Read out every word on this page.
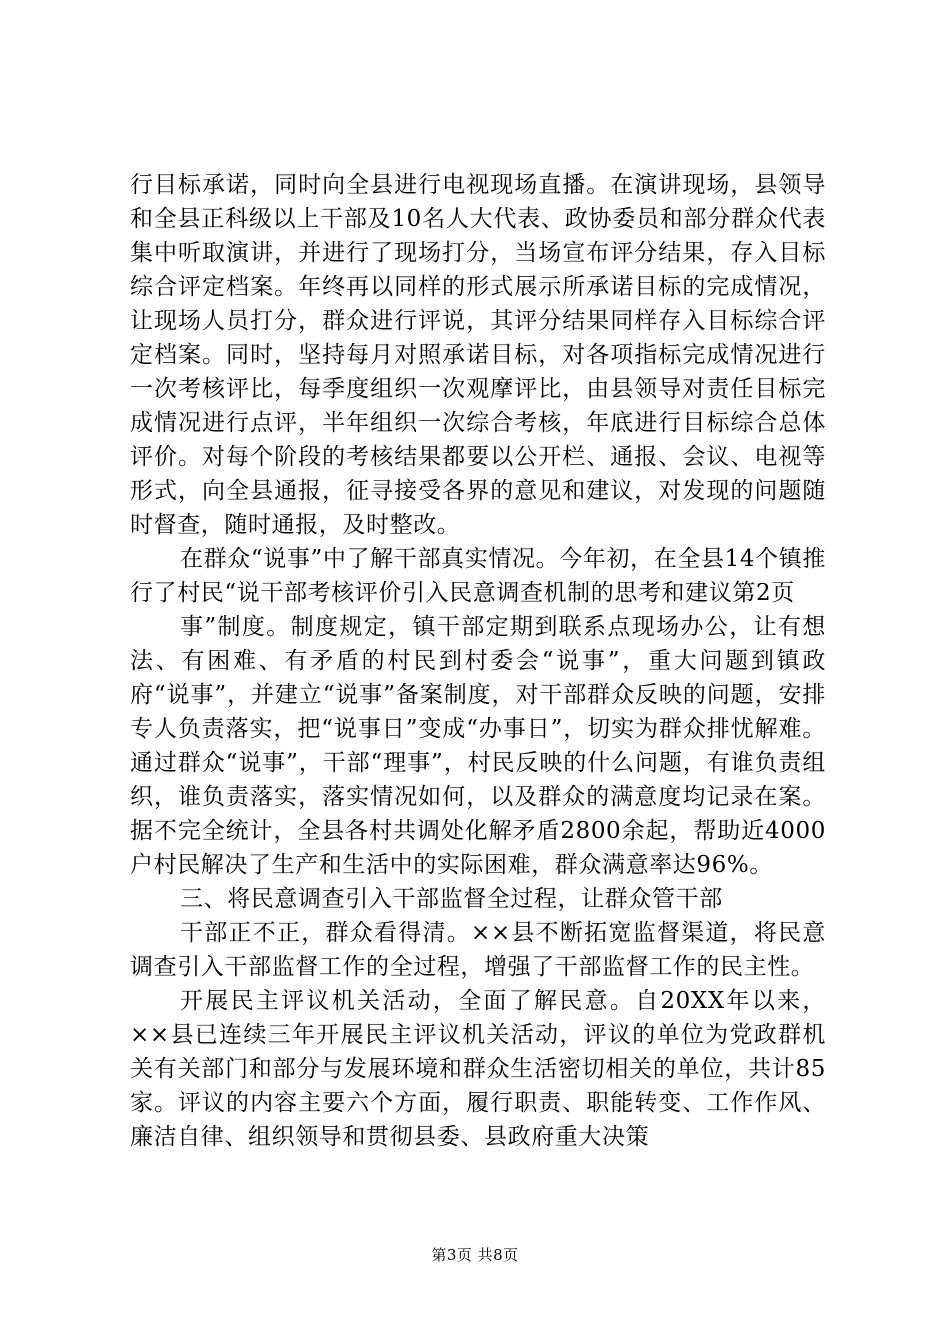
行目标承诺，同时向全县进行电视现场直播。在演讲现场，县领导和全县正科级以上干部及10名人大代表、政协委员和部分群众代表集中听取演讲，并进行了现场打分，当场宣布评分结果，存入目标综合评定档案。年终再以同样的形式展示所承诺目标的完成情况，让现场人员打分，群众进行评说，其评分结果同样存入目标综合评定档案。同时，坚持每月对照承诺目标，对各项指标完成情况进行一次考核评比，每季度组织一次观摩评比，由县领导对责任目标完成情况进行点评，半年组织一次综合考核，年底进行目标综合总体评价。对每个阶段的考核结果都要以公开栏、通报、会议、电视等形式，向全县通报，征寻接受各界的意见和建议，对发现的问题随时督查，随时通报，及时整改。

在群众“说事”中了解干部真实情况。今年初，在全县14个镇推行了村民“说干部考核评价引入民意调查机制的思考和建议第2页

事”制度。制度规定，镇干部定期到联系点现场办公，让有想法、有困难、有矛盾的村民到村委会“说事”，重大问题到镇政府“说事”，并建立“说事”备案制度，对干部群众反映的问题，安排专人负责落实，把“说事日”变成“办事日”，切实为群众排忧解难。通过群众“说事”，干部“理事”，村民反映的什么问题，有谁负责组织，谁负责落实，落实情况如何，以及群众的满意度均记录在案。据不完全统计，全县各村共调处化解矛盾2800余起，帮助近4000户村民解决了生产和生活中的实际困难，群众满意率达96%。

三、将民意调查引入干部监督全过程，让群众管干部

干部正不正，群众看得清。××县不断拓宽监督渠道，将民意调查引入干部监督工作的全过程，增强了干部监督工作的民主性。

开展民主评议机关活动，全面了解民意。自20XX年以来，××县已连续三年开展民主评议机关活动，评议的单位为党政群机关有关部门和部分与发展环境和群众生活密切相关的单位，共计85家。评议的内容主要六个方面，履行职责、职能转变、工作作风、廉洁自律、组织领导和贯彻县委、县政府重大决策

第3页 共8页
